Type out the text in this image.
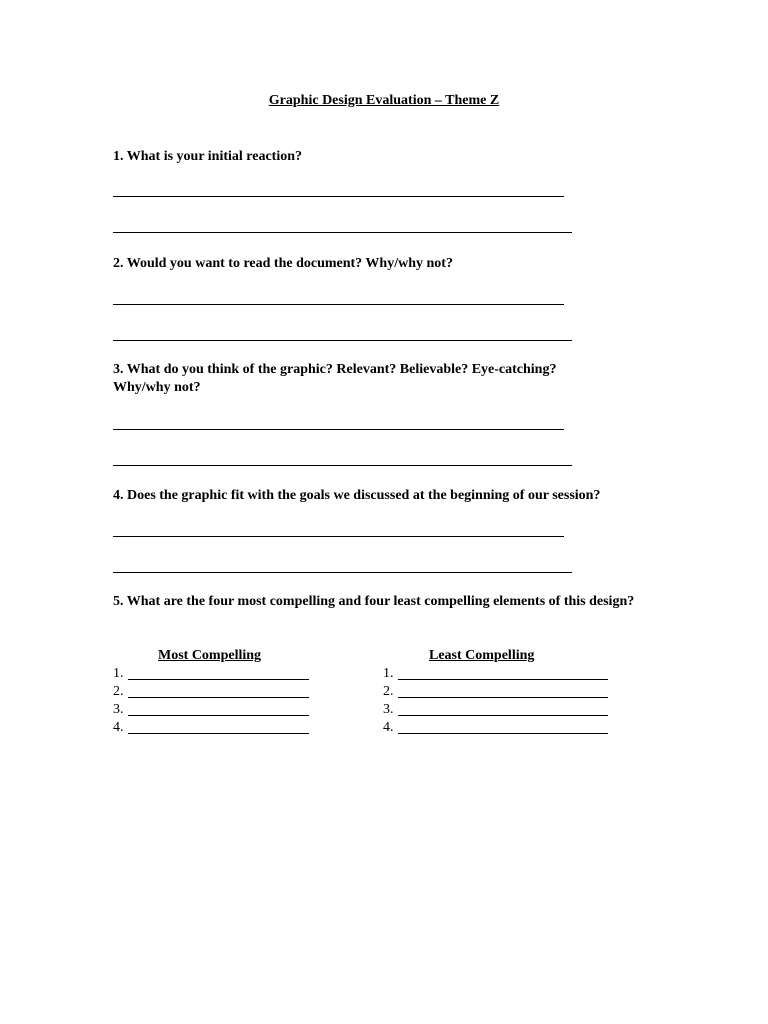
Graphic Design Evaluation – Theme Z
1. What is your initial reaction?
2. Would you want to read the document? Why/why not?
3. What do you think of the graphic? Relevant? Believable? Eye-catching? Why/why not?
4. Does the graphic fit with the goals we discussed at the beginning of our session?
5. What are the four most compelling and four least compelling elements of this design?
Most Compelling
1.
2.
3.
4.
Least Compelling
1.
2.
3.
4.
